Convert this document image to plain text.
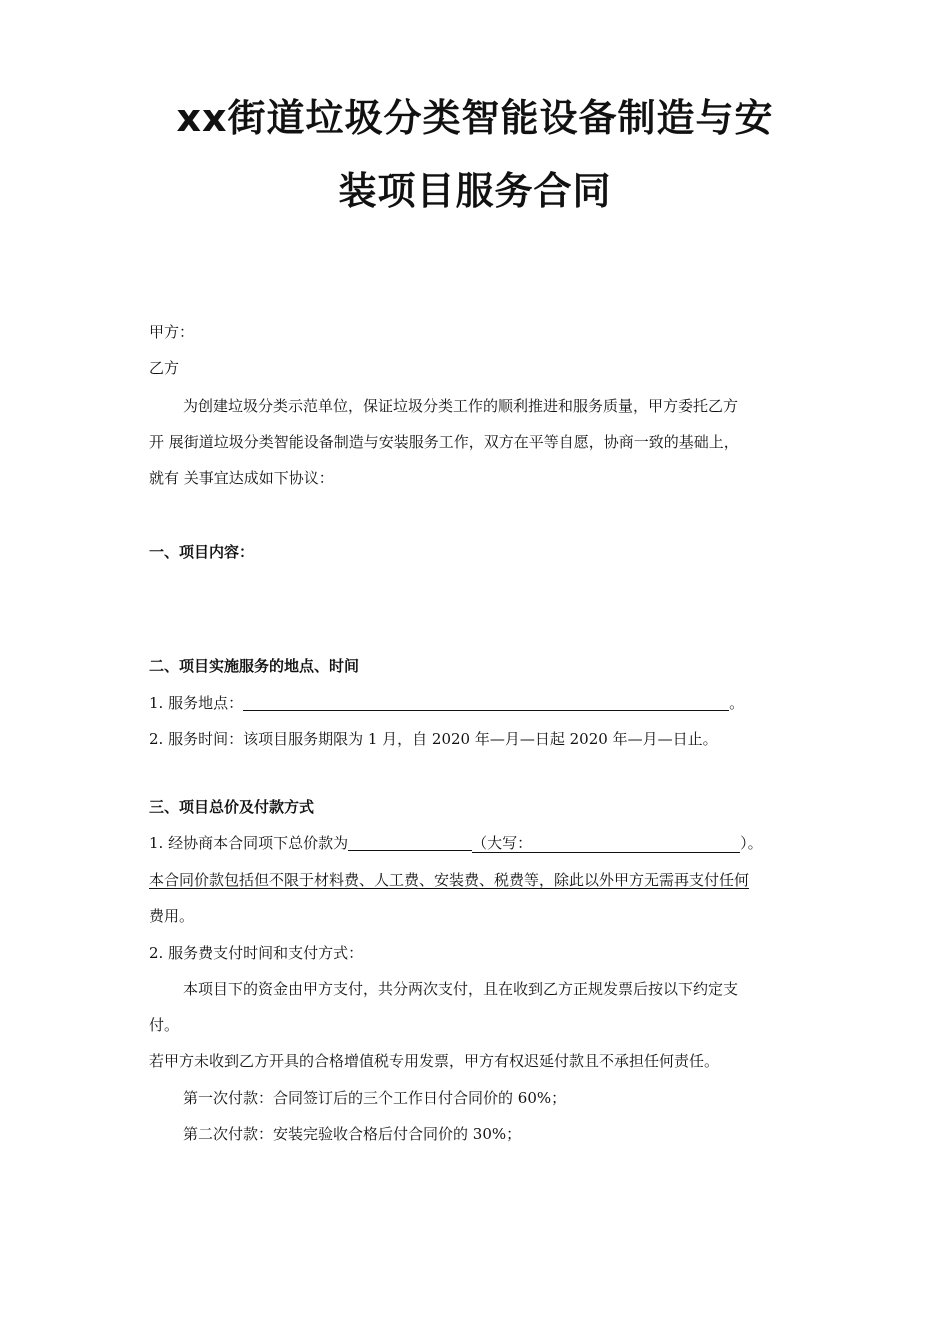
xx街道垃圾分类智能设备制造与安
装项目服务合同
甲方：
乙方
为创建垃圾分类示范单位，保证垃圾分类工作的顺利推进和服务质量，甲方委托乙方
开 展街道垃圾分类智能设备制造与安装服务工作，双方在平等自愿，协商一致的基础上，
就有 关事宜达成如下协议：
一、项目内容：
二、项目实施服务的地点、时间
1. 服务地点：	。
2. 服务时间：该项目服务期限为 1 月，自 2020 年—月—日起 2020 年—月—日止。
三、项目总价及付款方式
1. 经协商本合同项下总价款为	（大写：	）。
本合同价款包括但不限于材料费、人工费、安装费、税费等，除此以外甲方无需再支付任何
费用。
2. 服务费支付时间和支付方式：
本项目下的资金由甲方支付，共分两次支付，且在收到乙方正规发票后按以下约定支
付。
若甲方未收到乙方开具的合格增值税专用发票，甲方有权迟延付款且不承担任何责任。
第一次付款：合同签订后的三个工作日付合同价的 60%；
第二次付款：安装完验收合格后付合同价的 30%；
